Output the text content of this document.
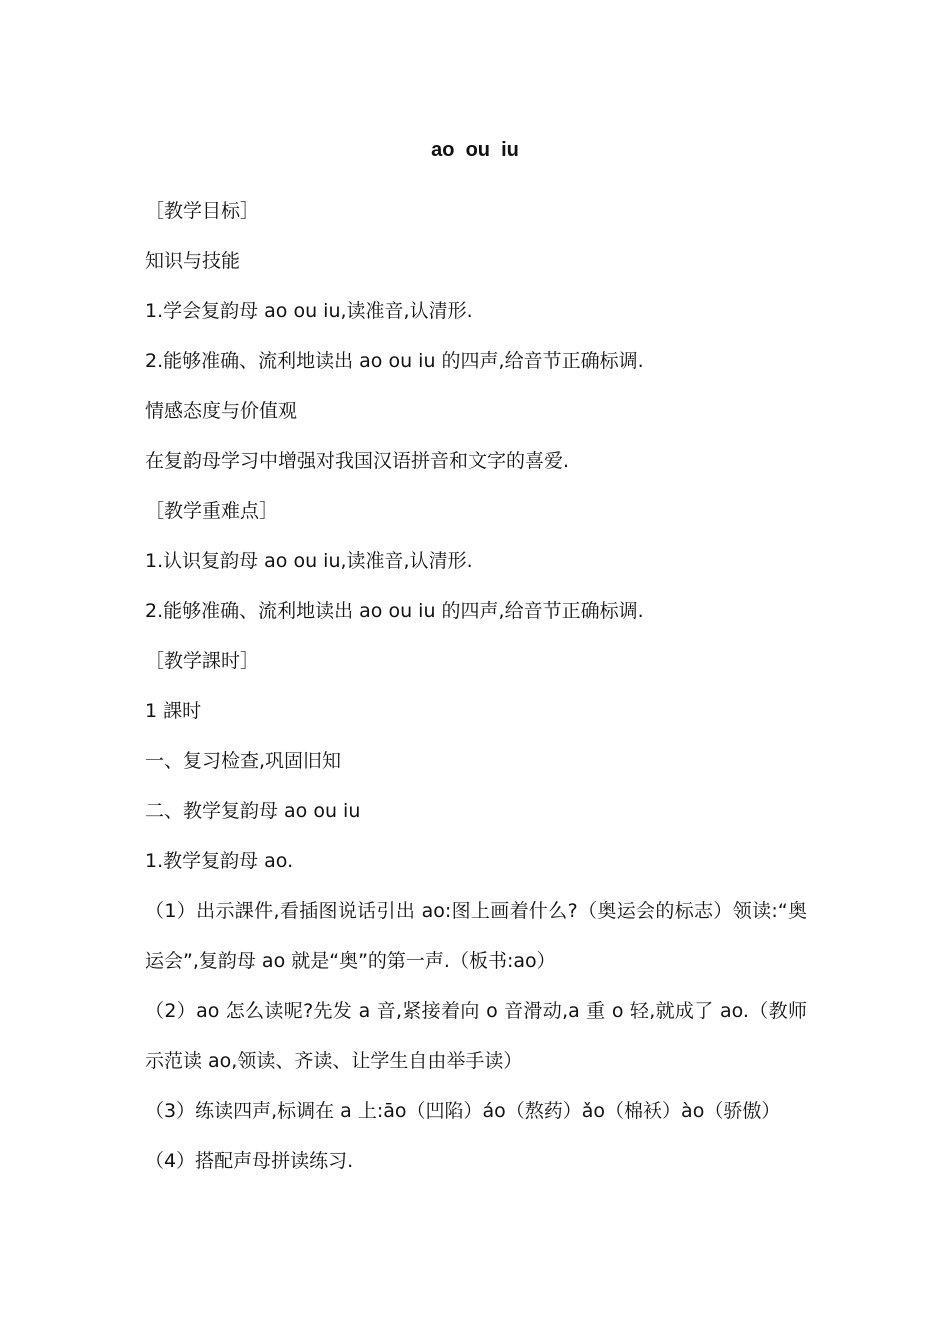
ao  ou  iu

［教学目标］

知识与技能

1.学会复韵母 ao ou iu,读准音,认清形.

2.能够准确、流利地读出 ao ou iu 的四声,给音节正确标调.

情感态度与价值观

在复韵母学习中增强对我国汉语拼音和文字的喜爱.

［教学重难点］

1.认识复韵母 ao ou iu,读准音,认清形.

2.能够准确、流利地读出 ao ou iu 的四声,给音节正确标调.

［教学課时］

1 課时

一、复习检查,巩固旧知

二、教学复韵母 ao ou iu

1.教学复韵母 ao.

（1）出示課件,看插图说话引出 ao:图上画着什么?（奥运会的标志）领读:“奥运会”,复韵母 ao 就是“奥”的第一声.（板书:ao）

（2）ao 怎么读呢?先发 a 音,紧接着向 o 音滑动,a 重 o 轻,就成了 ao.（教师示范读 ao,领读、齐读、让学生自由举手读）

（3）练读四声,标调在 a 上:āo（凹陷）áo（熬药）ǎo（棉袄）ào（骄傲）

（4）搭配声母拼读练习.
